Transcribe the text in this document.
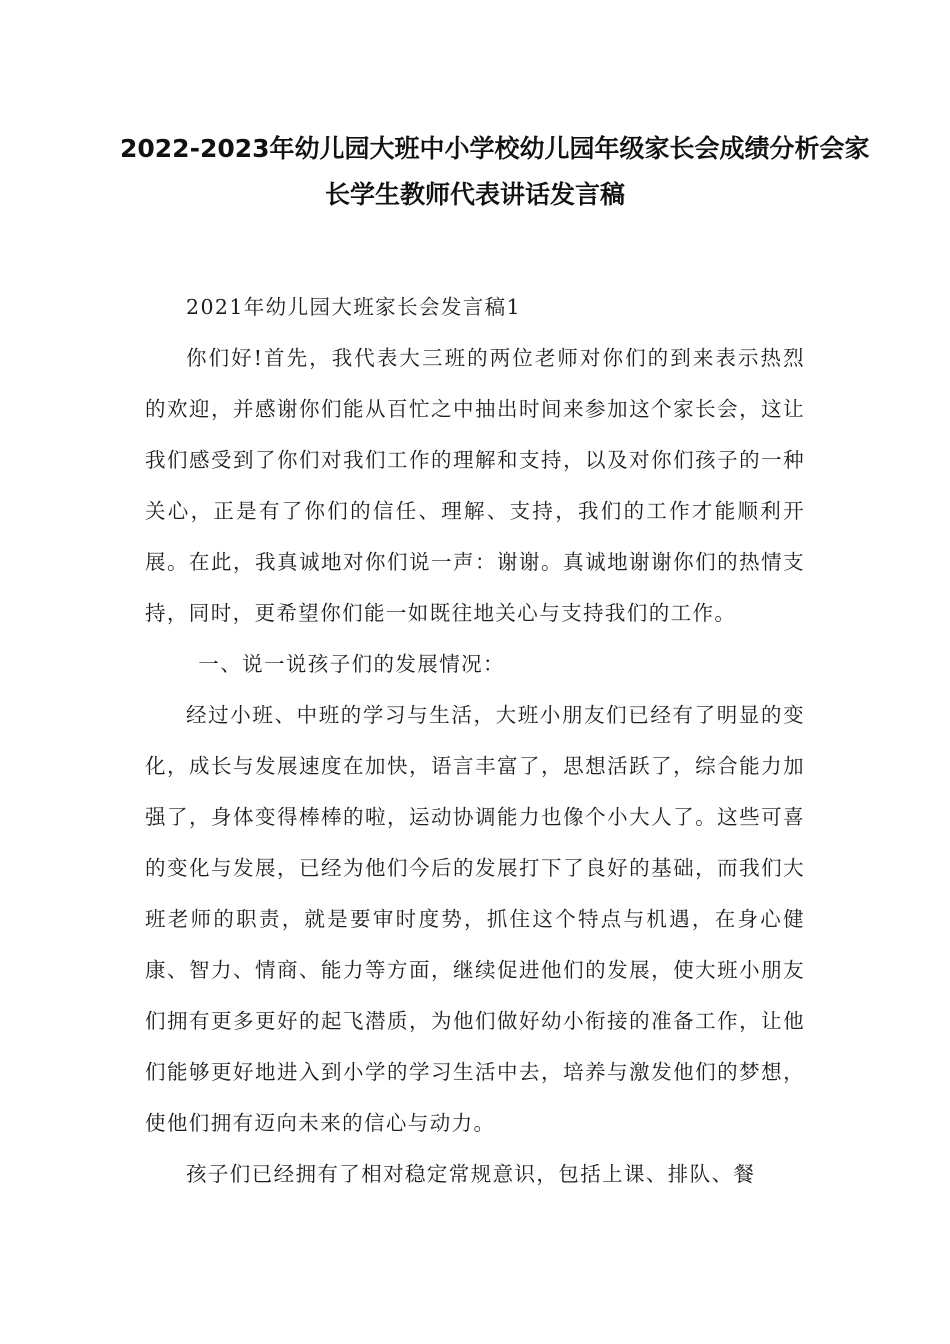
2022-2023年幼儿园大班中小学校幼儿园年级家长会成绩分析会家
长学生教师代表讲话发言稿

2021年幼儿园大班家长会发言稿1

你们好!首先，我代表大三班的两位老师对你们的到来表示热烈的欢迎，并感谢你们能从百忙之中抽出时间来参加这个家长会，这让我们感受到了你们对我们工作的理解和支持，以及对你们孩子的一种关心，正是有了你们的信任、理解、支持，我们的工作才能顺利开展。在此，我真诚地对你们说一声：谢谢。真诚地谢谢你们的热情支持，同时，更希望你们能一如既往地关心与支持我们的工作。

一、说一说孩子们的发展情况：

经过小班、中班的学习与生活，大班小朋友们已经有了明显的变化，成长与发展速度在加快，语言丰富了，思想活跃了，综合能力加强了，身体变得棒棒的啦，运动协调能力也像个小大人了。这些可喜的变化与发展，已经为他们今后的发展打下了良好的基础，而我们大班老师的职责，就是要审时度势，抓住这个特点与机遇，在身心健康、智力、情商、能力等方面，继续促进他们的发展，使大班小朋友们拥有更多更好的起飞潜质，为他们做好幼小衔接的准备工作，让他们能够更好地进入到小学的学习生活中去，培养与激发他们的梦想，使他们拥有迈向未来的信心与动力。

孩子们已经拥有了相对稳定常规意识，包括上课、排队、餐
